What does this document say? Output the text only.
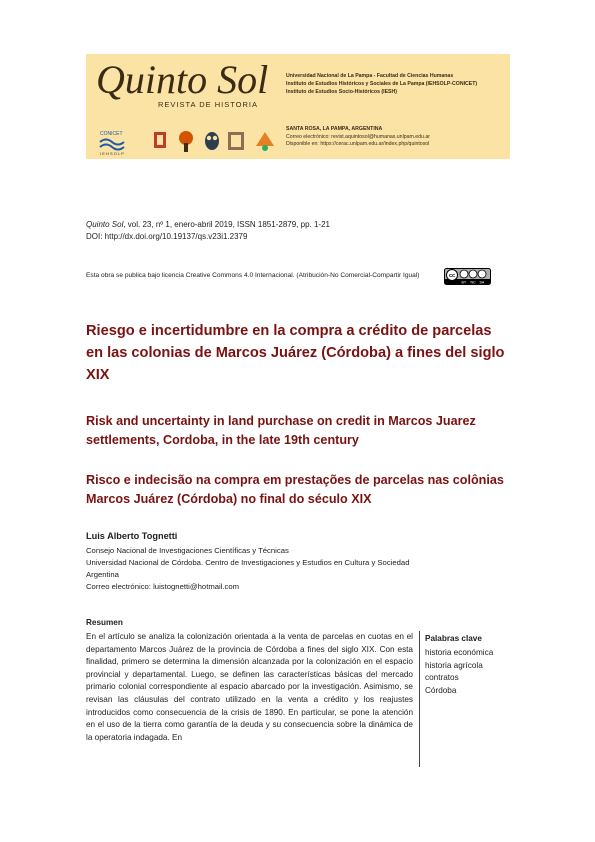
Quinto Sol
REVISTA DE HISTORIA
Universidad Nacional de La Pampa - Facultad de Ciencias Humanas
Instituto de Estudios Históricos y Sociales de La Pampa (IEHSOLP-CONICET)
Instituto de Estudios Socio-Históricos (IESH)
SANTA ROSA, LA PAMPA, ARGENTINA
Correo electrónico: revist.aquintosol@humanas.unlpam.edu.ar
Disponible en: https://cerac.unlpam.edu.ar/index.php/quintosol
CONICET
I E H S O L P
Quinto Sol, vol. 23, nº 1, enero-abril 2019, ISSN 1851-2879, pp. 1-21
DOI: http://dx.doi.org/10.19137/qs.v23i1.2379
Esta obra se publica bajo licencia Creative Commons 4.0 Internacional. (Atribución-No Comercial-Compartir Igual)	cc
BY NC SA
Riesgo e incertidumbre en la compra a crédito de parcelas en las colonias de Marcos Juárez (Córdoba) a fines del siglo XIX
Risk and uncertainty in land purchase on credit in Marcos Juarez settlements, Cordoba, in the late 19th century
Risco e indecisão na compra em prestações de parcelas nas colônias Marcos Juárez (Córdoba) no final do século XIX
Luis Alberto Tognetti
Consejo Nacional de Investigaciones Científicas y Técnicas
Universidad Nacional de Córdoba. Centro de Investigaciones y Estudios en Cultura y Sociedad
Argentina
Correo electrónico: luistognetti@hotmail.com
Resumen

En el artículo se analiza la colonización orientada a la venta de parcelas en cuotas en el departamento Marcos Juárez de la provincia de Córdoba a fines del siglo XIX. Con esta finalidad, primero se determina la dimensión alcanzada por la colonización en el espacio provincial y departamental. Luego, se definen las características básicas del mercado primario colonial correspondiente al espacio abarcado por la investigación. Asimismo, se revisan las cláusulas del contrato utilizado en la venta a crédito y los reajustes introducidos como consecuencia de la crisis de 1890. En particular, se pone la atención en el uso de la tierra como garantía de la deuda y su consecuencia sobre la dinámica de la operatoria indagada. En

Palabras clave
historia económica
historia agrícola
contratos
Córdoba
